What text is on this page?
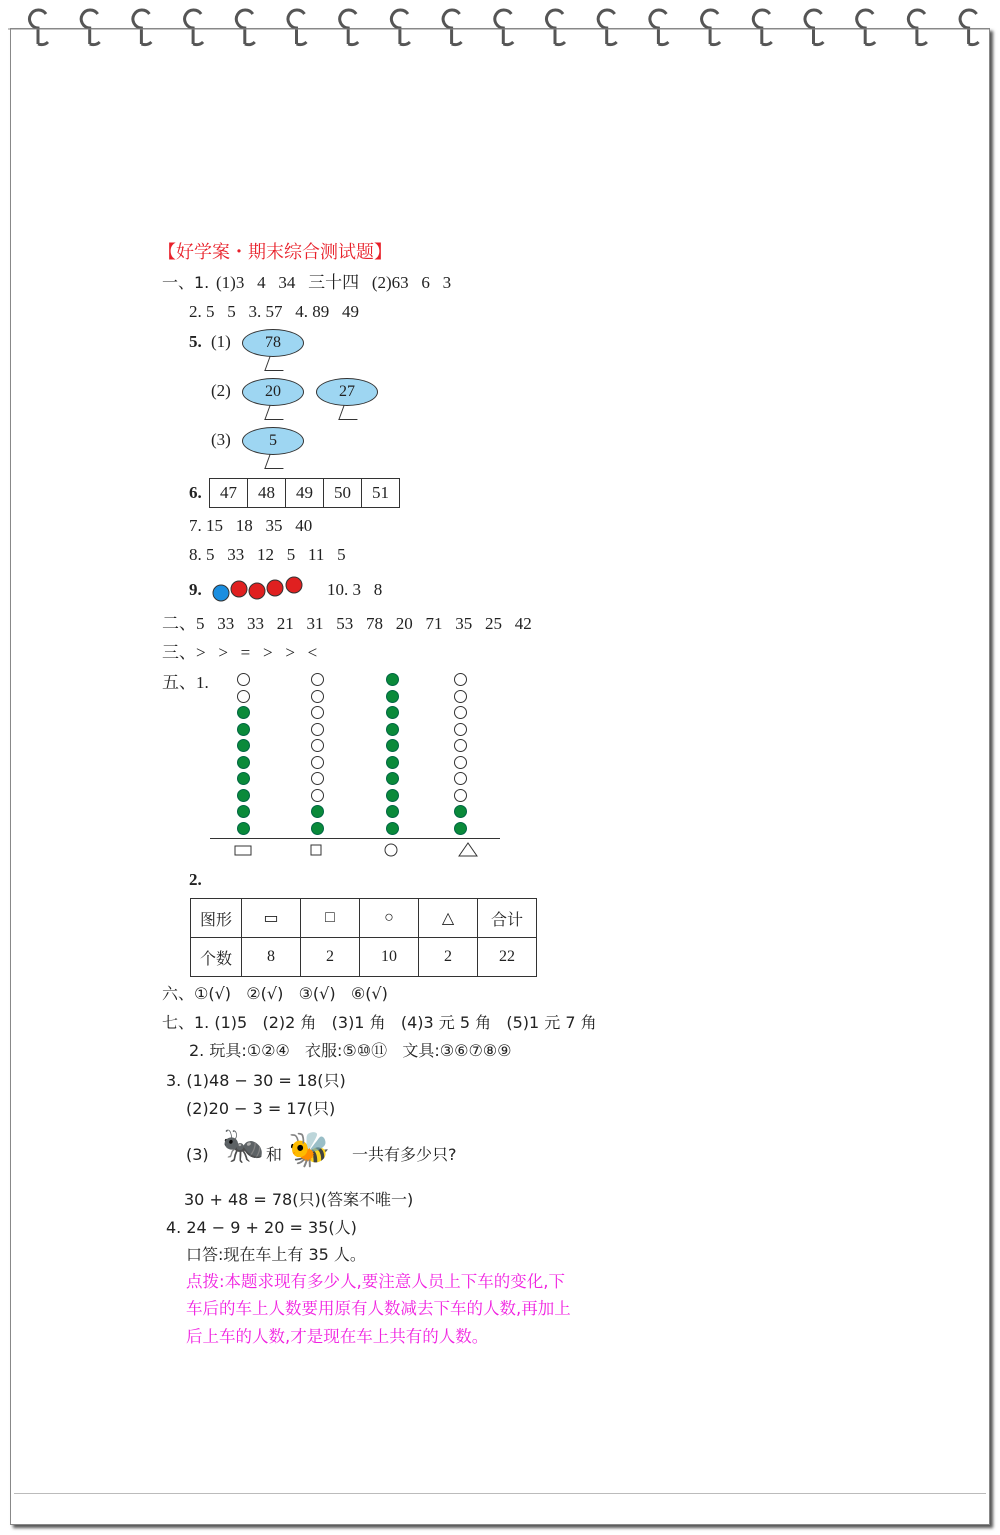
【好学案・期末综合测试题】
一、1. (1)3   4   34   三十四   (2)63   6   3
2. 5   5   3. 57   4. 89   49
5. (1)
(2)
(3)
78
20	27
5
6.	47	48	49	50	51
7. 15   18   35   40
8. 5   33   12   5   11   5
9.	10. 3   8
二、5   33   33   21   31   53   78   20   71   35   25   42
三、>   >   =   >   >   <
五、1.
2.
图形	▭	□	○	△	合计
个数	8	2	10	2	22
六、①(√)   ②(√)   ③(√)   ⑥(√)
七、1. (1)5   (2)2 角   (3)1 角   (4)3 元 5 角   (5)1 元 7 角
2. 玩具:①②④   衣服:⑤⑩⑪   文具:③⑥⑦⑧⑨
3. (1)48 − 30 = 18(只)
(2)20 − 3 = 17(只)
(3) 🐜 和 🐝 一共有多少只?
30 + 48 = 78(只)(答案不唯一)
4. 24 − 9 + 20 = 35(人)
口答:现在车上有 35 人。
点拨:本题求现有多少人,要注意人员上下车的变化,下
车后的车上人数要用原有人数减去下车的人数,再加上
后上车的人数,才是现在车上共有的人数。
